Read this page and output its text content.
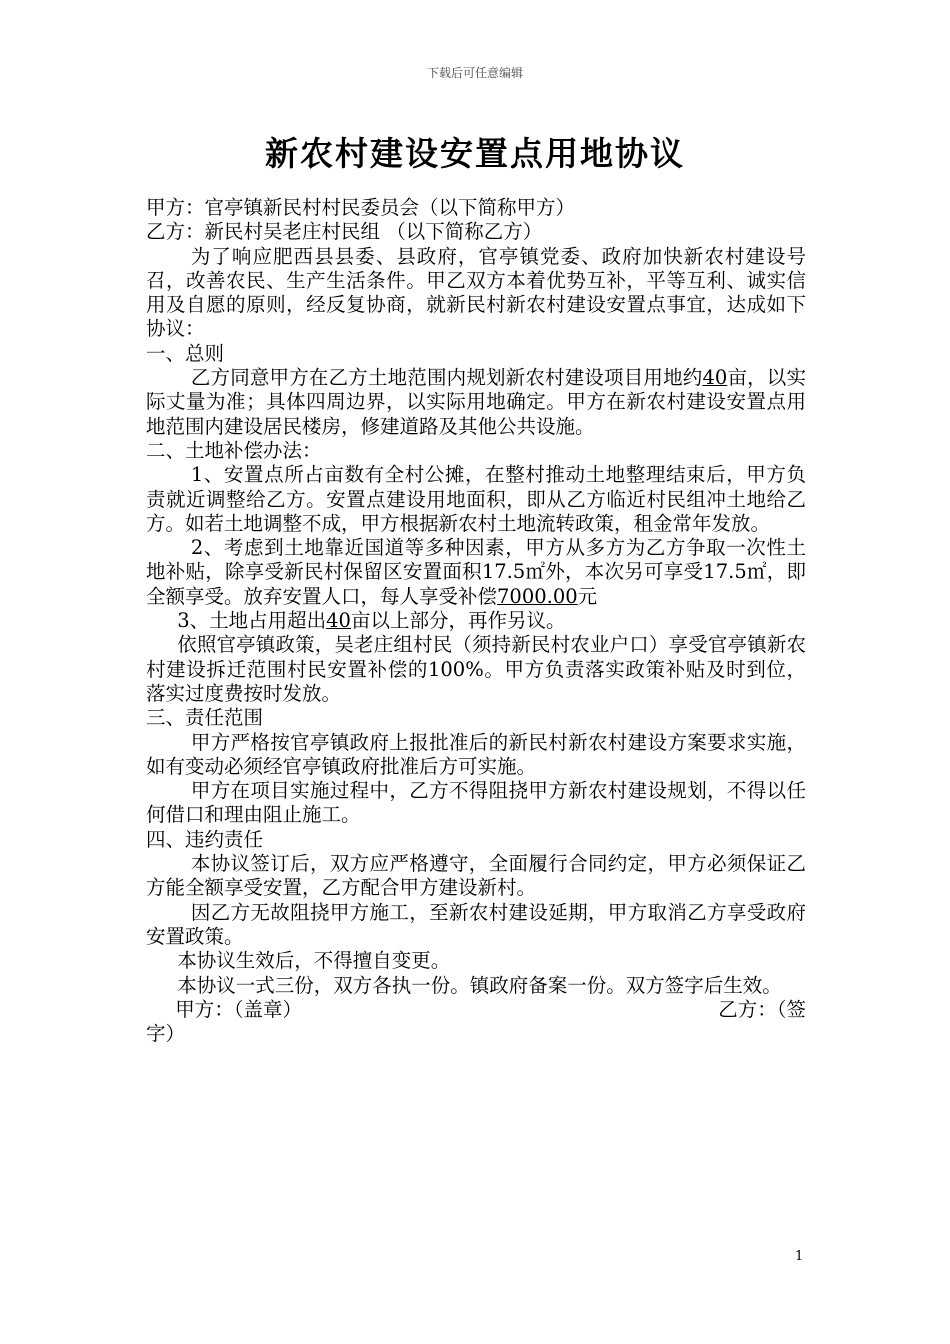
下载后可任意编辑
新农村建设安置点用地协议

甲方：官亭镇新民村村民委员会（以下简称甲方）

乙方：新民村吴老庄村民组 （以下简称乙方）

为了响应肥西县县委、县政府，官亭镇党委、政府加快新农村建设号召，改善农民、生产生活条件。甲乙双方本着优势互补，平等互利、诚实信用及自愿的原则，经反复协商，就新民村新农村建设安置点事宜，达成如下协议：

一、总则

乙方同意甲方在乙方土地范围内规划新农村建设项目用地约40亩，以实际丈量为准；具体四周边界，以实际用地确定。甲方在新农村建设安置点用地范围内建设居民楼房，修建道路及其他公共设施。

二、土地补偿办法：

1、安置点所占亩数有全村公摊，在整村推动土地整理结束后，甲方负责就近调整给乙方。安置点建设用地面积，即从乙方临近村民组冲土地给乙方。如若土地调整不成，甲方根据新农村土地流转政策，租金常年发放。

2、考虑到土地靠近国道等多种因素，甲方从多方为乙方争取一次性土地补贴，除享受新民村保留区安置面积17.5㎡外，本次另可享受17.5㎡，即全额享受。放弃安置人口，每人享受补偿7000.00元

3、土地占用超出40亩以上部分，再作另议。

依照官亭镇政策，吴老庄组村民（须持新民村农业户口）享受官亭镇新农村建设拆迁范围村民安置补偿的100%。甲方负责落实政策补贴及时到位，落实过度费按时发放。

三、责任范围

甲方严格按官亭镇政府上报批准后的新民村新农村建设方案要求实施，如有变动必须经官亭镇政府批准后方可实施。

甲方在项目实施过程中，乙方不得阻挠甲方新农村建设规划，不得以任何借口和理由阻止施工。

四、违约责任

本协议签订后，双方应严格遵守，全面履行合同约定，甲方必须保证乙方能全额享受安置，乙方配合甲方建设新村。

因乙方无故阻挠甲方施工，至新农村建设延期，甲方取消乙方享受政府安置政策。

本协议生效后，不得擅自变更。

本协议一式三份，双方各执一份。镇政府备案一份。双方签字后生效。

甲方：（盖章）	乙方：（签

字）

1
